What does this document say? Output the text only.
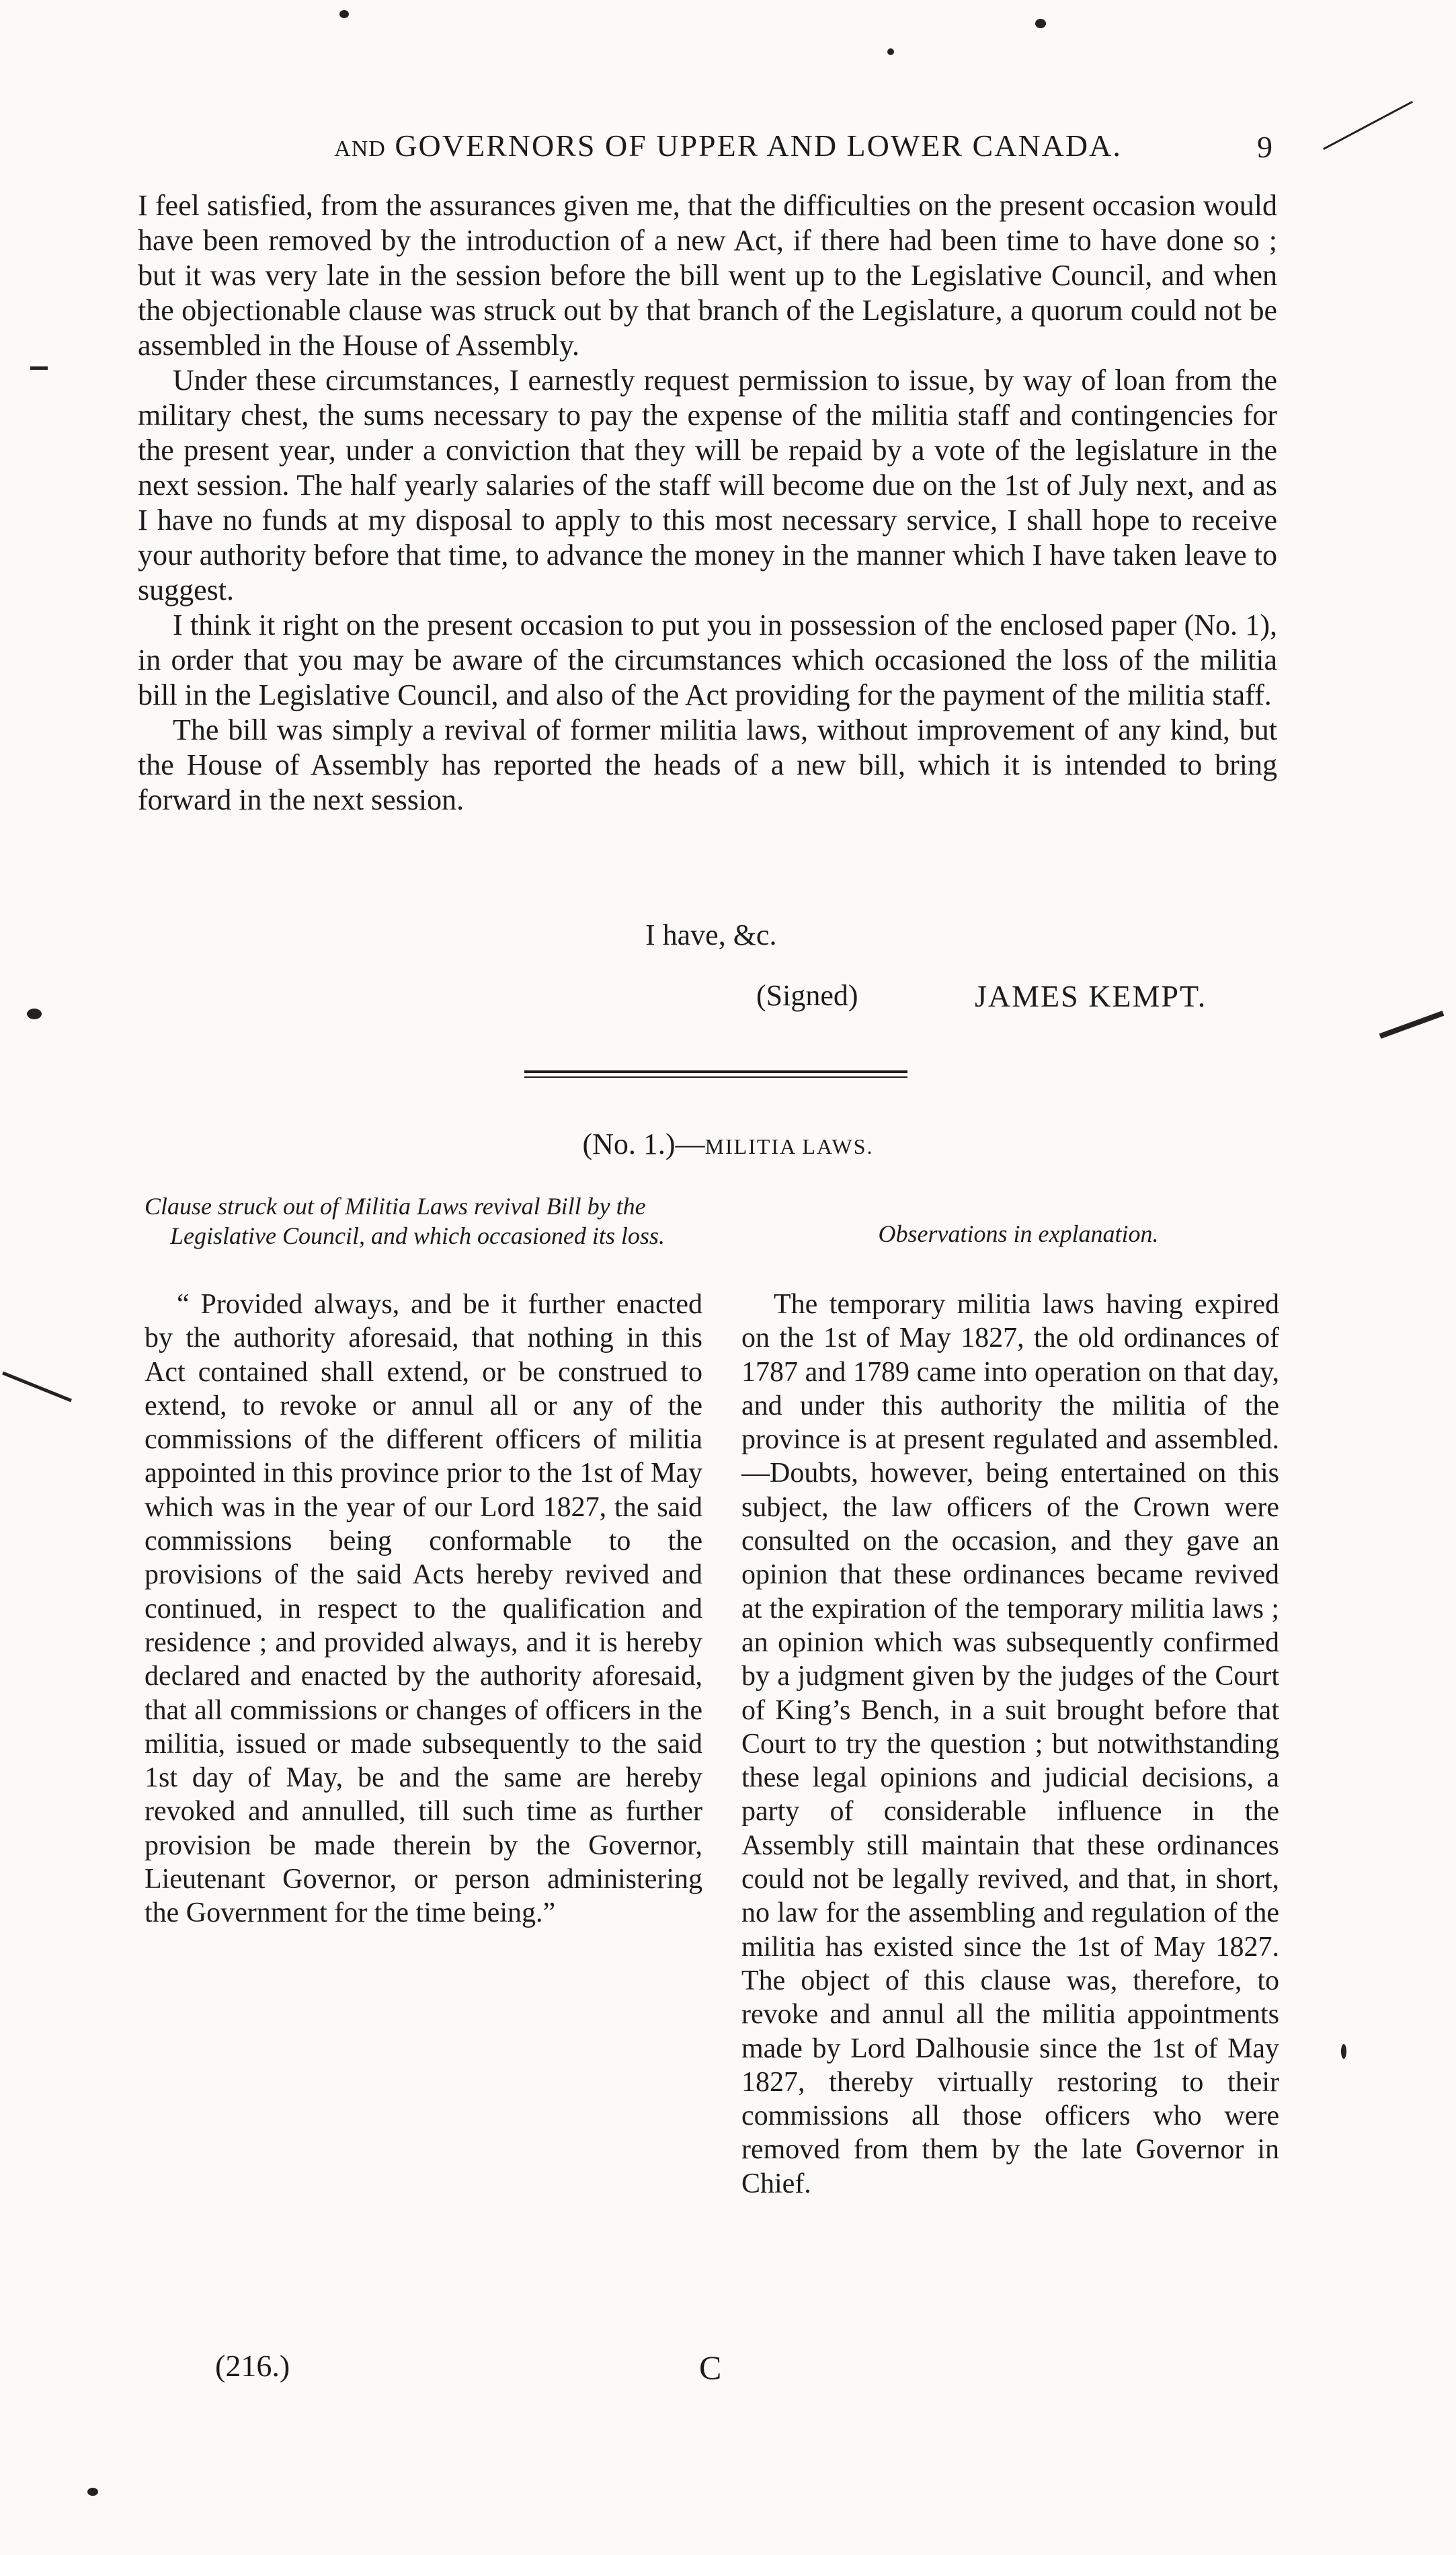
AND GOVERNORS OF UPPER AND LOWER CANADA.	9

I feel satisfied, from the assurances given me, that the difficulties on the present occasion would have been removed by the introduction of a new Act, if there had been time to have done so ; but it was very late in the session before the bill went up to the Legislative Council, and when the objectionable clause was struck out by that branch of the Legislature, a quorum could not be assembled in the House of Assembly.

Under these circumstances, I earnestly request permission to issue, by way of loan from the military chest, the sums necessary to pay the expense of the militia staff and contingencies for the present year, under a conviction that they will be repaid by a vote of the legislature in the next session. The half yearly salaries of the staff will become due on the 1st of July next, and as I have no funds at my disposal to apply to this most necessary service, I shall hope to receive your authority before that time, to advance the money in the manner which I have taken leave to suggest.

I think it right on the present occasion to put you in possession of the enclosed paper (No. 1), in order that you may be aware of the circumstances which occasioned the loss of the militia bill in the Legislative Council, and also of the Act providing for the payment of the militia staff.

The bill was simply a revival of former militia laws, without improvement of any kind, but the House of Assembly has reported the heads of a new bill, which it is intended to bring forward in the next session.

I have, &c.
(Signed)	JAMES KEMPT.
(No. 1.)—MILITIA LAWS.
Clause struck out of Militia Laws revival Bill by the Legislative Council, and which occasioned its loss.	Observations in explanation.

“ Provided always, and be it further enacted by the authority aforesaid, that nothing in this Act contained shall extend, or be construed to extend, to revoke or annul all or any of the commissions of the different officers of militia appointed in this province prior to the 1st of May which was in the year of our Lord 1827, the said commissions being conformable to the provisions of the said Acts hereby revived and continued, in respect to the qualification and residence ; and provided always, and it is hereby declared and enacted by the authority aforesaid, that all commissions or changes of officers in the militia, issued or made subsequently to the said 1st day of May, be and the same are hereby revoked and annulled, till such time as further provision be made therein by the Governor, Lieutenant Governor, or person administering the Government for the time being.”

The temporary militia laws having expired on the 1st of May 1827, the old ordinances of 1787 and 1789 came into operation on that day, and under this authority the militia of the province is at present regulated and assembled.—Doubts, however, being entertained on this subject, the law officers of the Crown were consulted on the occasion, and they gave an opinion that these ordinances became revived at the expiration of the temporary militia laws ; an opinion which was subsequently confirmed by a judgment given by the judges of the Court of King’s Bench, in a suit brought before that Court to try the question ; but notwithstanding these legal opinions and judicial decisions, a party of considerable influence in the Assembly still maintain that these ordinances could not be legally revived, and that, in short, no law for the assembling and regulation of the militia has existed since the 1st of May 1827. The object of this clause was, therefore, to revoke and annul all the militia appointments made by Lord Dalhousie since the 1st of May 1827, thereby virtually restoring to their commissions all those officers who were removed from them by the late Governor in Chief.

(216.)	C
